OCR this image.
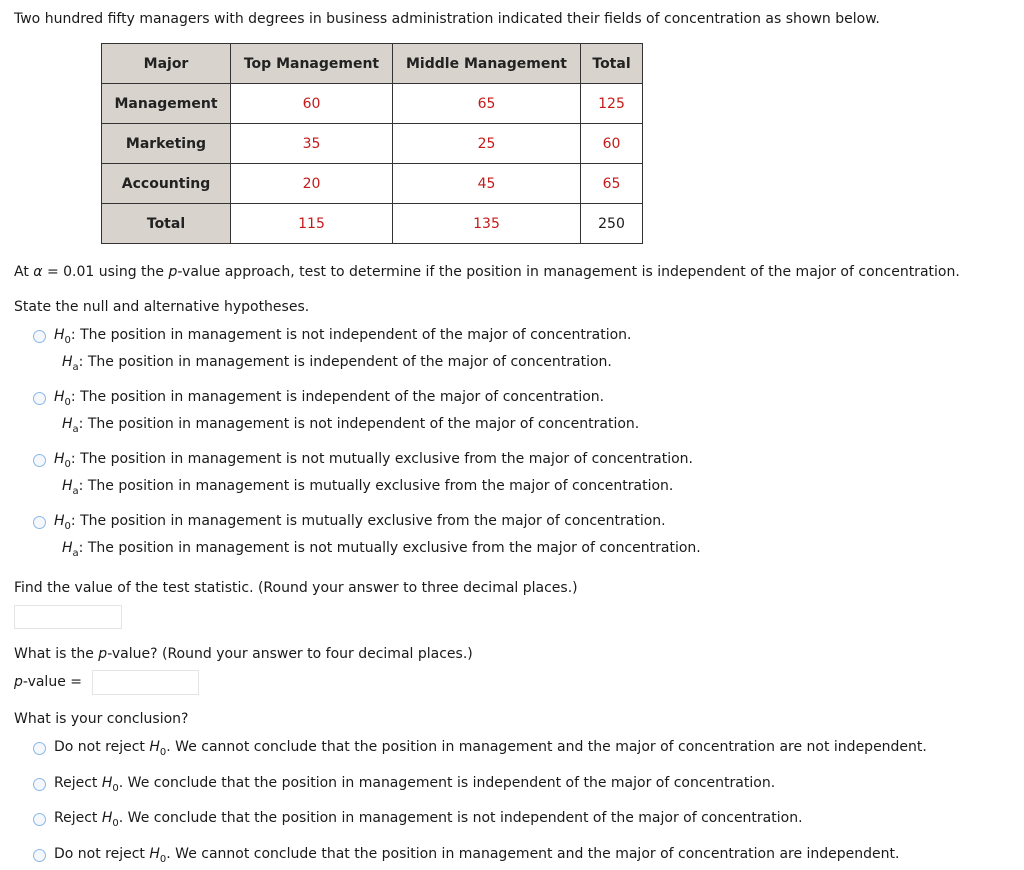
Two hundred fifty managers with degrees in business administration indicated their fields of concentration as shown below.
Major	Top Management	Middle Management	Total
Management	60	65	125
Marketing	35	25	60
Accounting	20	45	65
Total	115	135	250
At α = 0.01 using the p-value approach, test to determine if the position in management is independent of the major of concentration.
State the null and alternative hypotheses.
$H_0$: The position in management is not independent of the major of concentration.
$H_a$: The position in management is independent of the major of concentration.
$H_0$: The position in management is independent of the major of concentration.
$H_a$: The position in management is not independent of the major of concentration.
$H_0$: The position in management is not mutually exclusive from the major of concentration.
$H_a$: The position in management is mutually exclusive from the major of concentration.
$H_0$: The position in management is mutually exclusive from the major of concentration.
$H_a$: The position in management is not mutually exclusive from the major of concentration.
Find the value of the test statistic. (Round your answer to three decimal places.)
What is the p-value? (Round your answer to four decimal places.)
p-value =
What is your conclusion?
Do not reject $H_0$. We cannot conclude that the position in management and the major of concentration are not independent.
Reject $H_0$. We conclude that the position in management is independent of the major of concentration.
Reject $H_0$. We conclude that the position in management is not independent of the major of concentration.
Do not reject $H_0$. We cannot conclude that the position in management and the major of concentration are independent.
